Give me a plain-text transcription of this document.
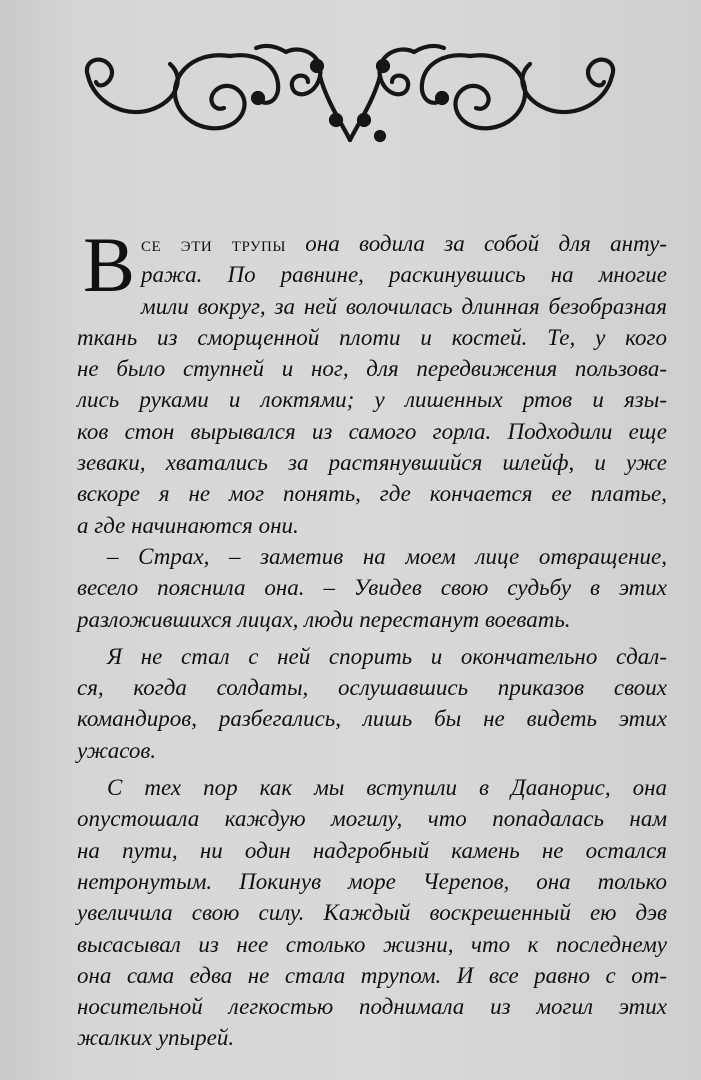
В се эти трупы она водила за собой для анту-
ража. По равнине, раскинувшись на многие
мили вокруг, за ней волочилась длинная безобразная
ткань из сморщенной плоти и костей. Те, у кого
не было ступней и ног, для передвижения пользова-
лись руками и локтями; у лишенных ртов и язы-
ков стон вырывался из самого горла. Подходили еще
зеваки, хватались за растянувшийся шлейф, и уже
вскоре я не мог понять, где кончается ее платье,
а где начинаются они.

– Страх, – заметив на моем лице отвращение,
весело пояснила она. – Увидев свою судьбу в этих
разложившихся лицах, люди перестанут воевать.

Я не стал с ней спорить и окончательно сдал-
ся, когда солдаты, ослушавшись приказов своих
командиров, разбегались, лишь бы не видеть этих
ужасов.

С тех пор как мы вступили в Даанорис, она
опустошала каждую могилу, что попадалась нам
на пути, ни один надгробный камень не остался
нетронутым. Покинув море Черепов, она только
увеличила свою силу. Каждый воскрешенный ею дэв
высасывал из нее столько жизни, что к последнему
она сама едва не стала трупом. И все равно с от-
носительной легкостью поднимала из могил этих
жалких упырей.
